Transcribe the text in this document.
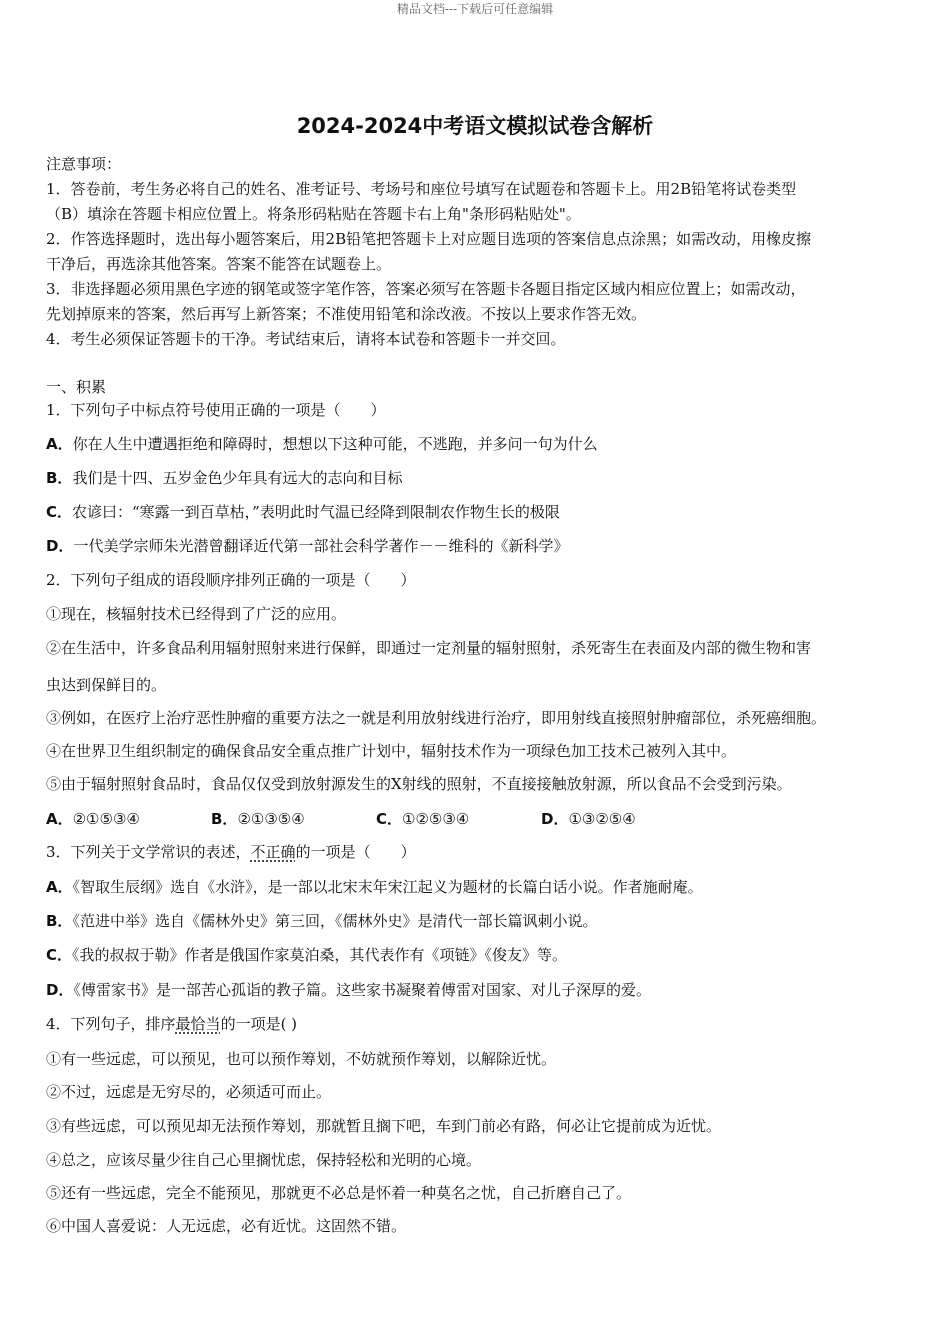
精品文档---下载后可任意编辑
2024-2024中考语文模拟试卷含解析
注意事项：
1．答卷前，考生务必将自己的姓名、准考证号、考场号和座位号填写在试题卷和答题卡上。用2B铅笔将试卷类型
（B）填涂在答题卡相应位置上。将条形码粘贴在答题卡右上角"条形码粘贴处"。
2．作答选择题时，选出每小题答案后，用2B铅笔把答题卡上对应题目选项的答案信息点涂黑；如需改动，用橡皮擦
干净后，再选涂其他答案。答案不能答在试题卷上。
3．非选择题必须用黑色字迹的钢笔或签字笔作答，答案必须写在答题卡各题目指定区域内相应位置上；如需改动，
先划掉原来的答案，然后再写上新答案；不准使用铅笔和涂改液。不按以上要求作答无效。
4．考生必须保证答题卡的干净。考试结束后，请将本试卷和答题卡一并交回。
一、积累
1．下列句子中标点符号使用正确的一项是（　　）
A．你在人生中遭遇拒绝和障碍时，想想以下这种可能，不逃跑，并多问一句为什么
B．我们是十四、五岁金色少年具有远大的志向和目标
C．农谚曰：“寒露一到百草枯，”表明此时气温已经降到限制农作物生长的极限
D．一代美学宗师朱光潜曾翻译近代第一部社会科学著作－－维科的《新科学》
2．下列句子组成的语段顺序排列正确的一项是（　　）
①现在，核辐射技术已经得到了广泛的应用。
②在生活中，许多食品利用辐射照射来进行保鲜，即通过一定剂量的辐射照射，杀死寄生在表面及内部的微生物和害
虫达到保鲜目的。
③例如，在医疗上治疗恶性肿瘤的重要方法之一就是利用放射线进行治疗，即用射线直接照射肿瘤部位，杀死癌细胞。
④在世界卫生组织制定的确保食品安全重点推广计划中，辐射技术作为一项绿色加工技术己被列入其中。
⑤由于辐射照射食品时，食品仅仅受到放射源发生的X射线的照射，不直接接触放射源，所以食品不会受到污染。
A．②①⑤③④	B．②①③⑤④	C．①②⑤③④	D．①③②⑤④
3．下列关于文学常识的表述，不正确的一项是（　　）
A．《智取生辰纲》选自《水浒》，是一部以北宋末年宋江起义为题材的长篇白话小说。作者施耐庵。
B．《范进中举》选自《儒林外史》第三回，《儒林外史》是清代一部长篇讽刺小说。
C．《我的叔叔于勒》作者是俄国作家莫泊桑，其代表作有《项链》《俊友》等。
D．《傅雷家书》是一部苦心孤诣的教子篇。这些家书凝聚着傅雷对国家、对儿子深厚的爱。
4．下列句子，排序最恰当的一项是( )
①有一些远虑，可以预见，也可以预作筹划，不妨就预作筹划，以解除近忧。
②不过，远虑是无穷尽的，必须适可而止。
③有些远虑，可以预见却无法预作筹划，那就暂且搁下吧，车到门前必有路，何必让它提前成为近忧。
④总之，应该尽量少往自己心里搁忧虑，保持轻松和光明的心境。
⑤还有一些远虑，完全不能预见，那就更不必总是怀着一种莫名之忧，自己折磨自己了。
⑥中国人喜爱说：人无远虑，必有近忧。这固然不错。
